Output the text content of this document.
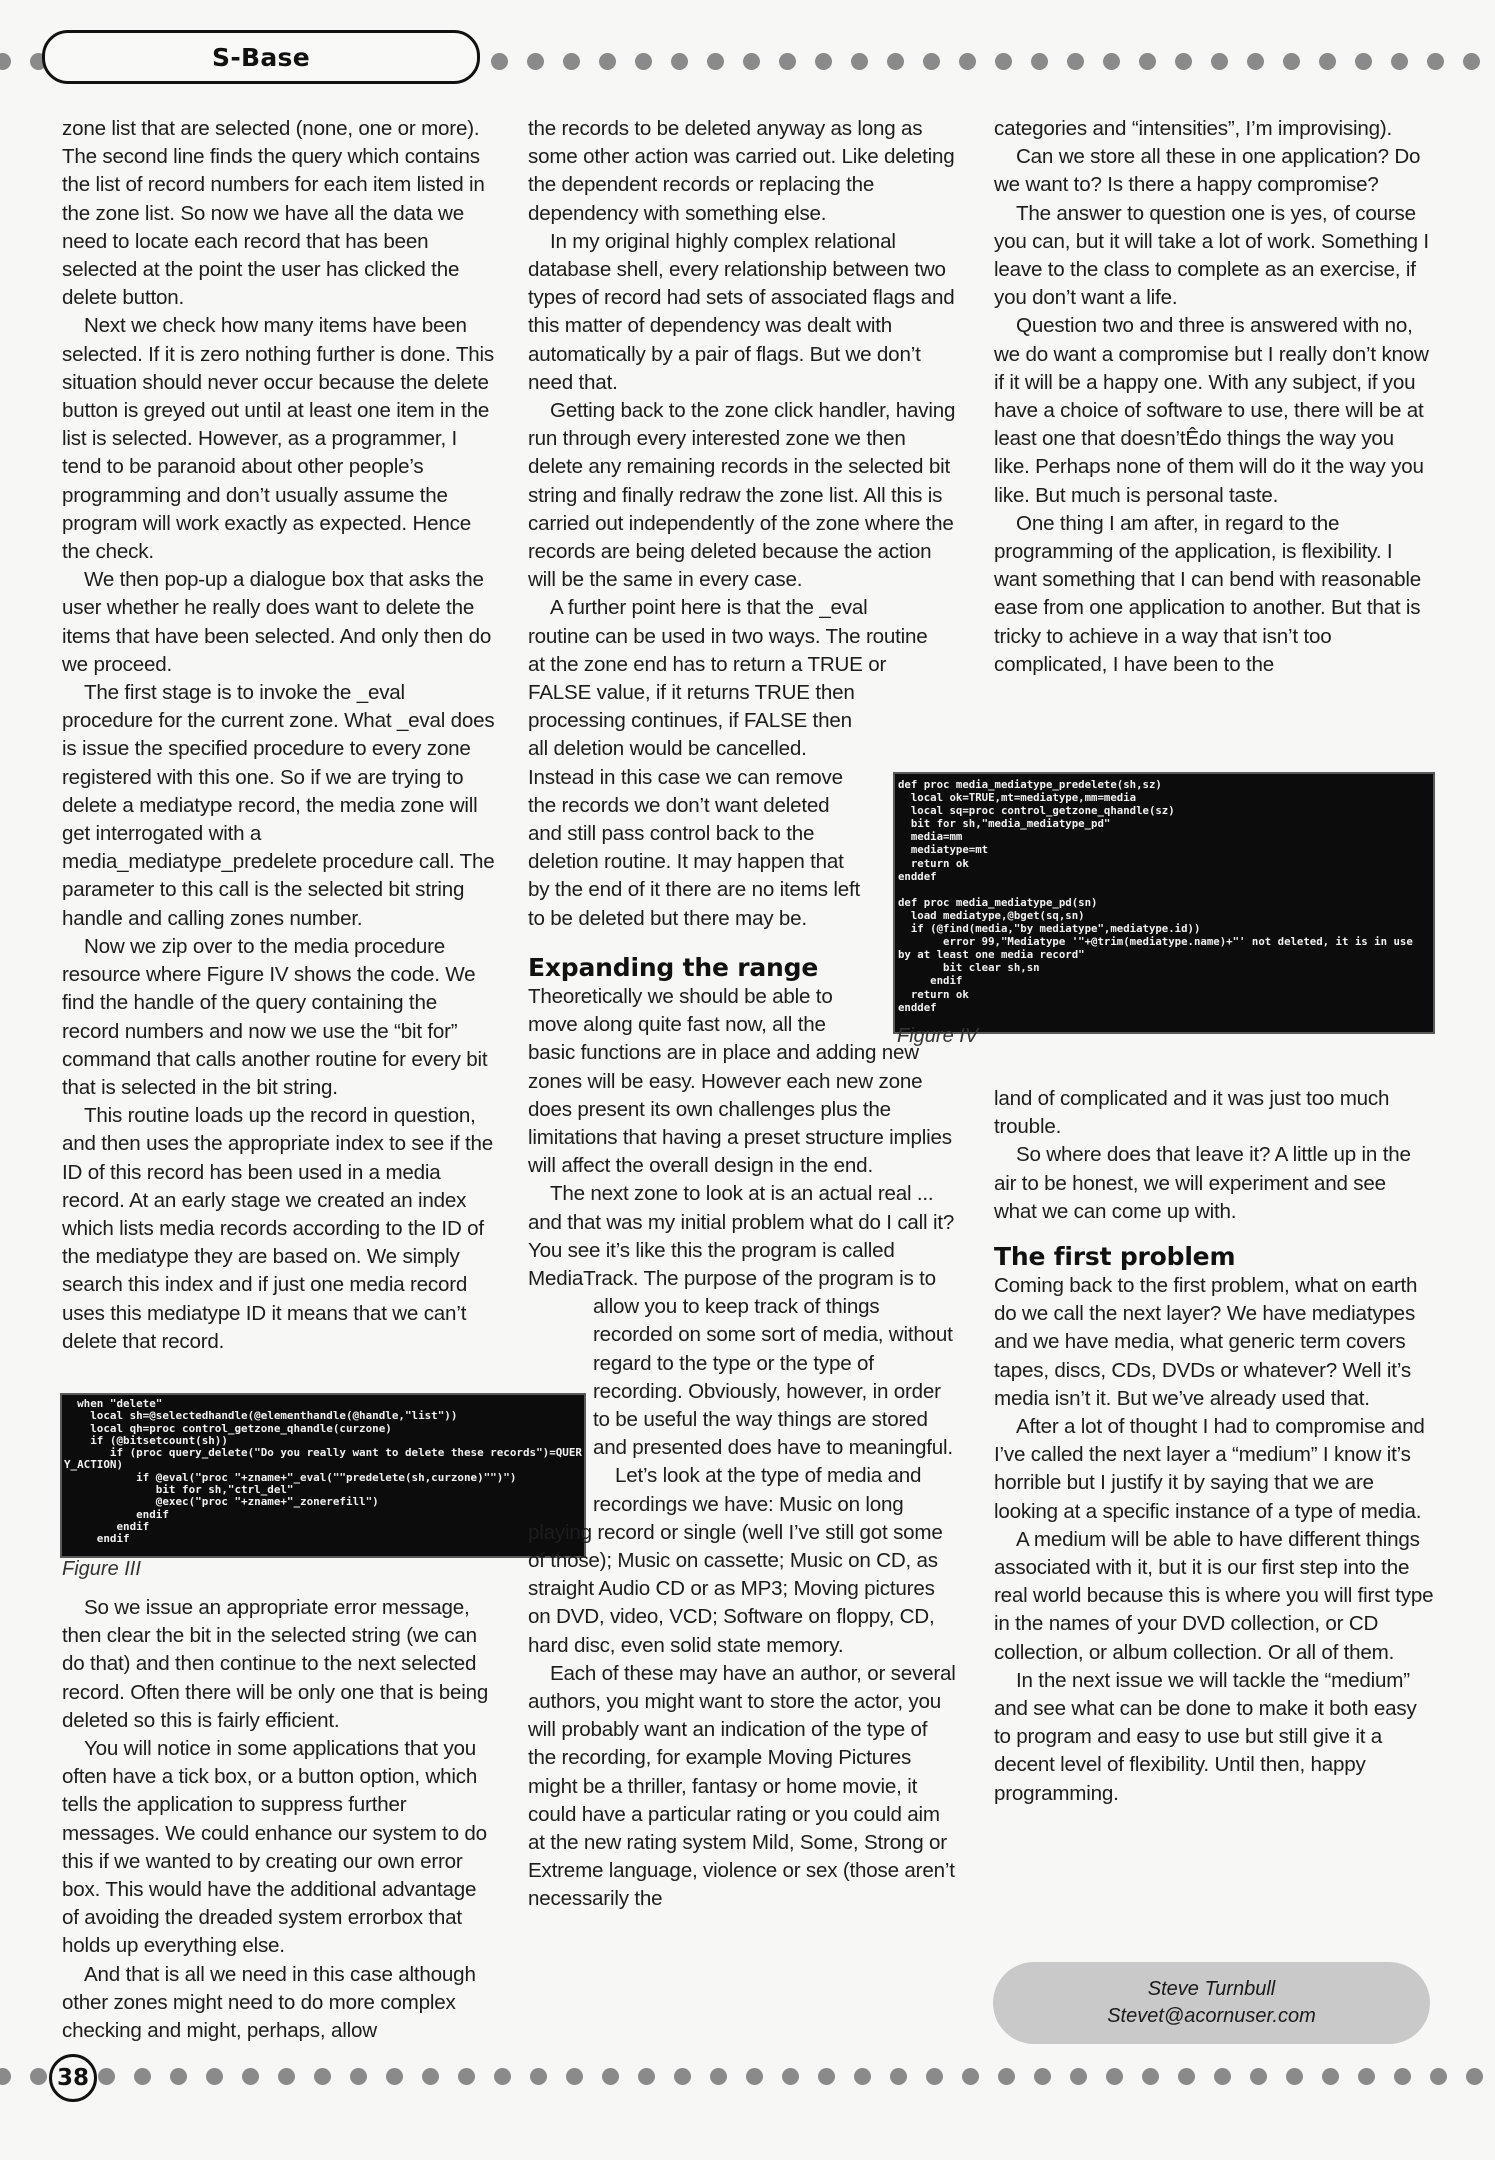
S-Base

zone list that are selected (none, one or more). The second line finds the query which contains the list of record numbers for each item listed in the zone list. So now we have all the data we need to locate each record that has been selected at the point the user has clicked the delete button.

Next we check how many items have been selected. If it is zero nothing further is done. This situation should never occur because the delete button is greyed out until at least one item in the list is selected. However, as a programmer, I tend to be paranoid about other people’s programming and don’t usually assume the program will work exactly as expected. Hence the check.

We then pop-up a dialogue box that asks the user whether he really does want to delete the items that have been selected. And only then do we proceed.

The first stage is to invoke the _eval procedure for the current zone. What _eval does is issue the specified procedure to every zone registered with this one. So if we are trying to delete a mediatype record, the media zone will get interrogated with a media_mediatype_predelete procedure call. The parameter to this call is the selected bit string handle and calling zones number.

Now we zip over to the media procedure resource where Figure IV shows the code. We find the handle of the query containing the record numbers and now we use the “bit for” command that calls another routine for every bit that is selected in the bit string.

This routine loads up the record in question, and then uses the appropriate index to see if the ID of this record has been used in a media record. At an early stage we created an index which lists media records according to the ID of the mediatype they are based on. We simply search this index and if just one media record uses this mediatype ID it means that we can’t delete that record.

when "delete"
local sh=@selectedhandle(@elementhandle(@handle,"list"))
local qh=proc control_getzone_qhandle(curzone)
if (@bitsetcount(sh))
if (proc query_delete("Do you really want to delete these records")=QUER
Y_ACTION)
if @eval("proc "+zname+"_eval(""predelete(sh,curzone)"")")
bit for sh,"ctrl_del"
@exec("proc "+zname+"_zonerefill")
endif
endif
endif
Figure III

So we issue an appropriate error message, then clear the bit in the selected string (we can do that) and then continue to the next selected record. Often there will be only one that is being deleted so this is fairly efficient.

You will notice in some applications that you often have a tick box, or a button option, which tells the application to suppress further messages. We could enhance our system to do this if we wanted to by creating our own error box. This would have the additional advantage of avoiding the dreaded system errorbox that holds up everything else.

And that is all we need in this case although other zones might need to do more complex checking and might, perhaps, allow

the records to be deleted anyway as long as some other action was carried out. Like deleting the dependent records or replacing the dependency with something else.

In my original highly complex relational database shell, every relationship between two types of record had sets of associated flags and this matter of dependency was dealt with automatically by a pair of flags. But we don’t need that.

Getting back to the zone click handler, having run through every interested zone we then delete any remaining records in the selected bit string and finally redraw the zone list. All this is carried out independently of the zone where the records are being deleted because the action will be the same in every case.

A further point here is that the _eval
routine can be used in two ways. The routine
at the zone end has to return a TRUE or
FALSE value, if it returns TRUE then
processing continues, if FALSE then
all deletion would be cancelled.
Instead in this case we can remove
the records we don’t want deleted
and still pass control back to the
deletion routine. It may happen that
by the end of it there are no items left
to be deleted but there may be.
Expanding the range
Theoretically we should be able to
move along quite fast now, all the

basic functions are in place and adding new zones will be easy. However each new zone does present its own challenges plus the limitations that having a preset structure implies will affect the overall design in the end.

The next zone to look at is an actual real ... and that was my initial problem what do I call it? You see it’s like this the program is called MediaTrack. The purpose of the program is to

allow you to keep track of things recorded on some sort of media, without regard to the type or the type of recording. Obviously, however, in order to be useful the way things are stored and presented does have to meaningful.

Let’s look at the type of media and

recordings we have: Music on long

playing record or single (well I’ve still got some of those); Music on cassette; Music on CD, as straight Audio CD or as MP3; Moving pictures on DVD, video, VCD; Software on floppy, CD, hard disc, even solid state memory.

Each of these may have an author, or several authors, you might want to store the actor, you will probably want an indication of the type of the recording, for example Moving Pictures might be a thriller, fantasy or home movie, it could have a particular rating or you could aim at the new rating system Mild, Some, Strong or Extreme language, violence or sex (those aren’t necessarily the

categories and “intensities”, I’m improvising).

Can we store all these in one application? Do we want to? Is there a happy compromise?

The answer to question one is yes, of course you can, but it will take a lot of work. Something I leave to the class to complete as an exercise, if you don’t want a life.

Question two and three is answered with no, we do want a compromise but I really don’t know if it will be a happy one. With any subject, if you have a choice of software to use, there will be at least one that doesn’tÊdo things the way you like. Perhaps none of them will do it the way you like. But much is personal taste.

One thing I am after, in regard to the programming of the application, is flexibility. I want something that I can bend with reasonable ease from one application to another. But that is tricky to achieve in a way that isn’t too complicated, I have been to the

def proc media_mediatype_predelete(sh,sz)
local ok=TRUE,mt=mediatype,mm=media
local sq=proc control_getzone_qhandle(sz)
bit for sh,"media_mediatype_pd"
media=mm
mediatype=mt
return ok
enddef

def proc media_mediatype_pd(sn)
load mediatype,@bget(sq,sn)
if (@find(media,"by mediatype",mediatype.id))
error 99,"Mediatype '"+@trim(mediatype.name)+"' not deleted, it is in use
by at least one media record"
bit clear sh,sn
endif
return ok
enddef
Figure IV

land of complicated and it was just too much trouble.

So where does that leave it? A little up in the air to be honest, we will experiment and see what we can come up with.

The first problem

Coming back to the first problem, what on earth do we call the next layer? We have mediatypes and we have media, what generic term covers tapes, discs, CDs, DVDs or whatever? Well it’s media isn’t it. But we’ve already used that.

After a lot of thought I had to compromise and I’ve called the next layer a “medium” I know it’s horrible but I justify it by saying that we are looking at a specific instance of a type of media.

A medium will be able to have different things associated with it, but it is our first step into the real world because this is where you will first type in the names of your DVD collection, or CD collection, or album collection. Or all of them.

In the next issue we will tackle the “medium” and see what can be done to make it both easy to program and easy to use but still give it a decent level of flexibility. Until then, happy programming.

Steve Turnbull
Stevet@acornuser.com
38
